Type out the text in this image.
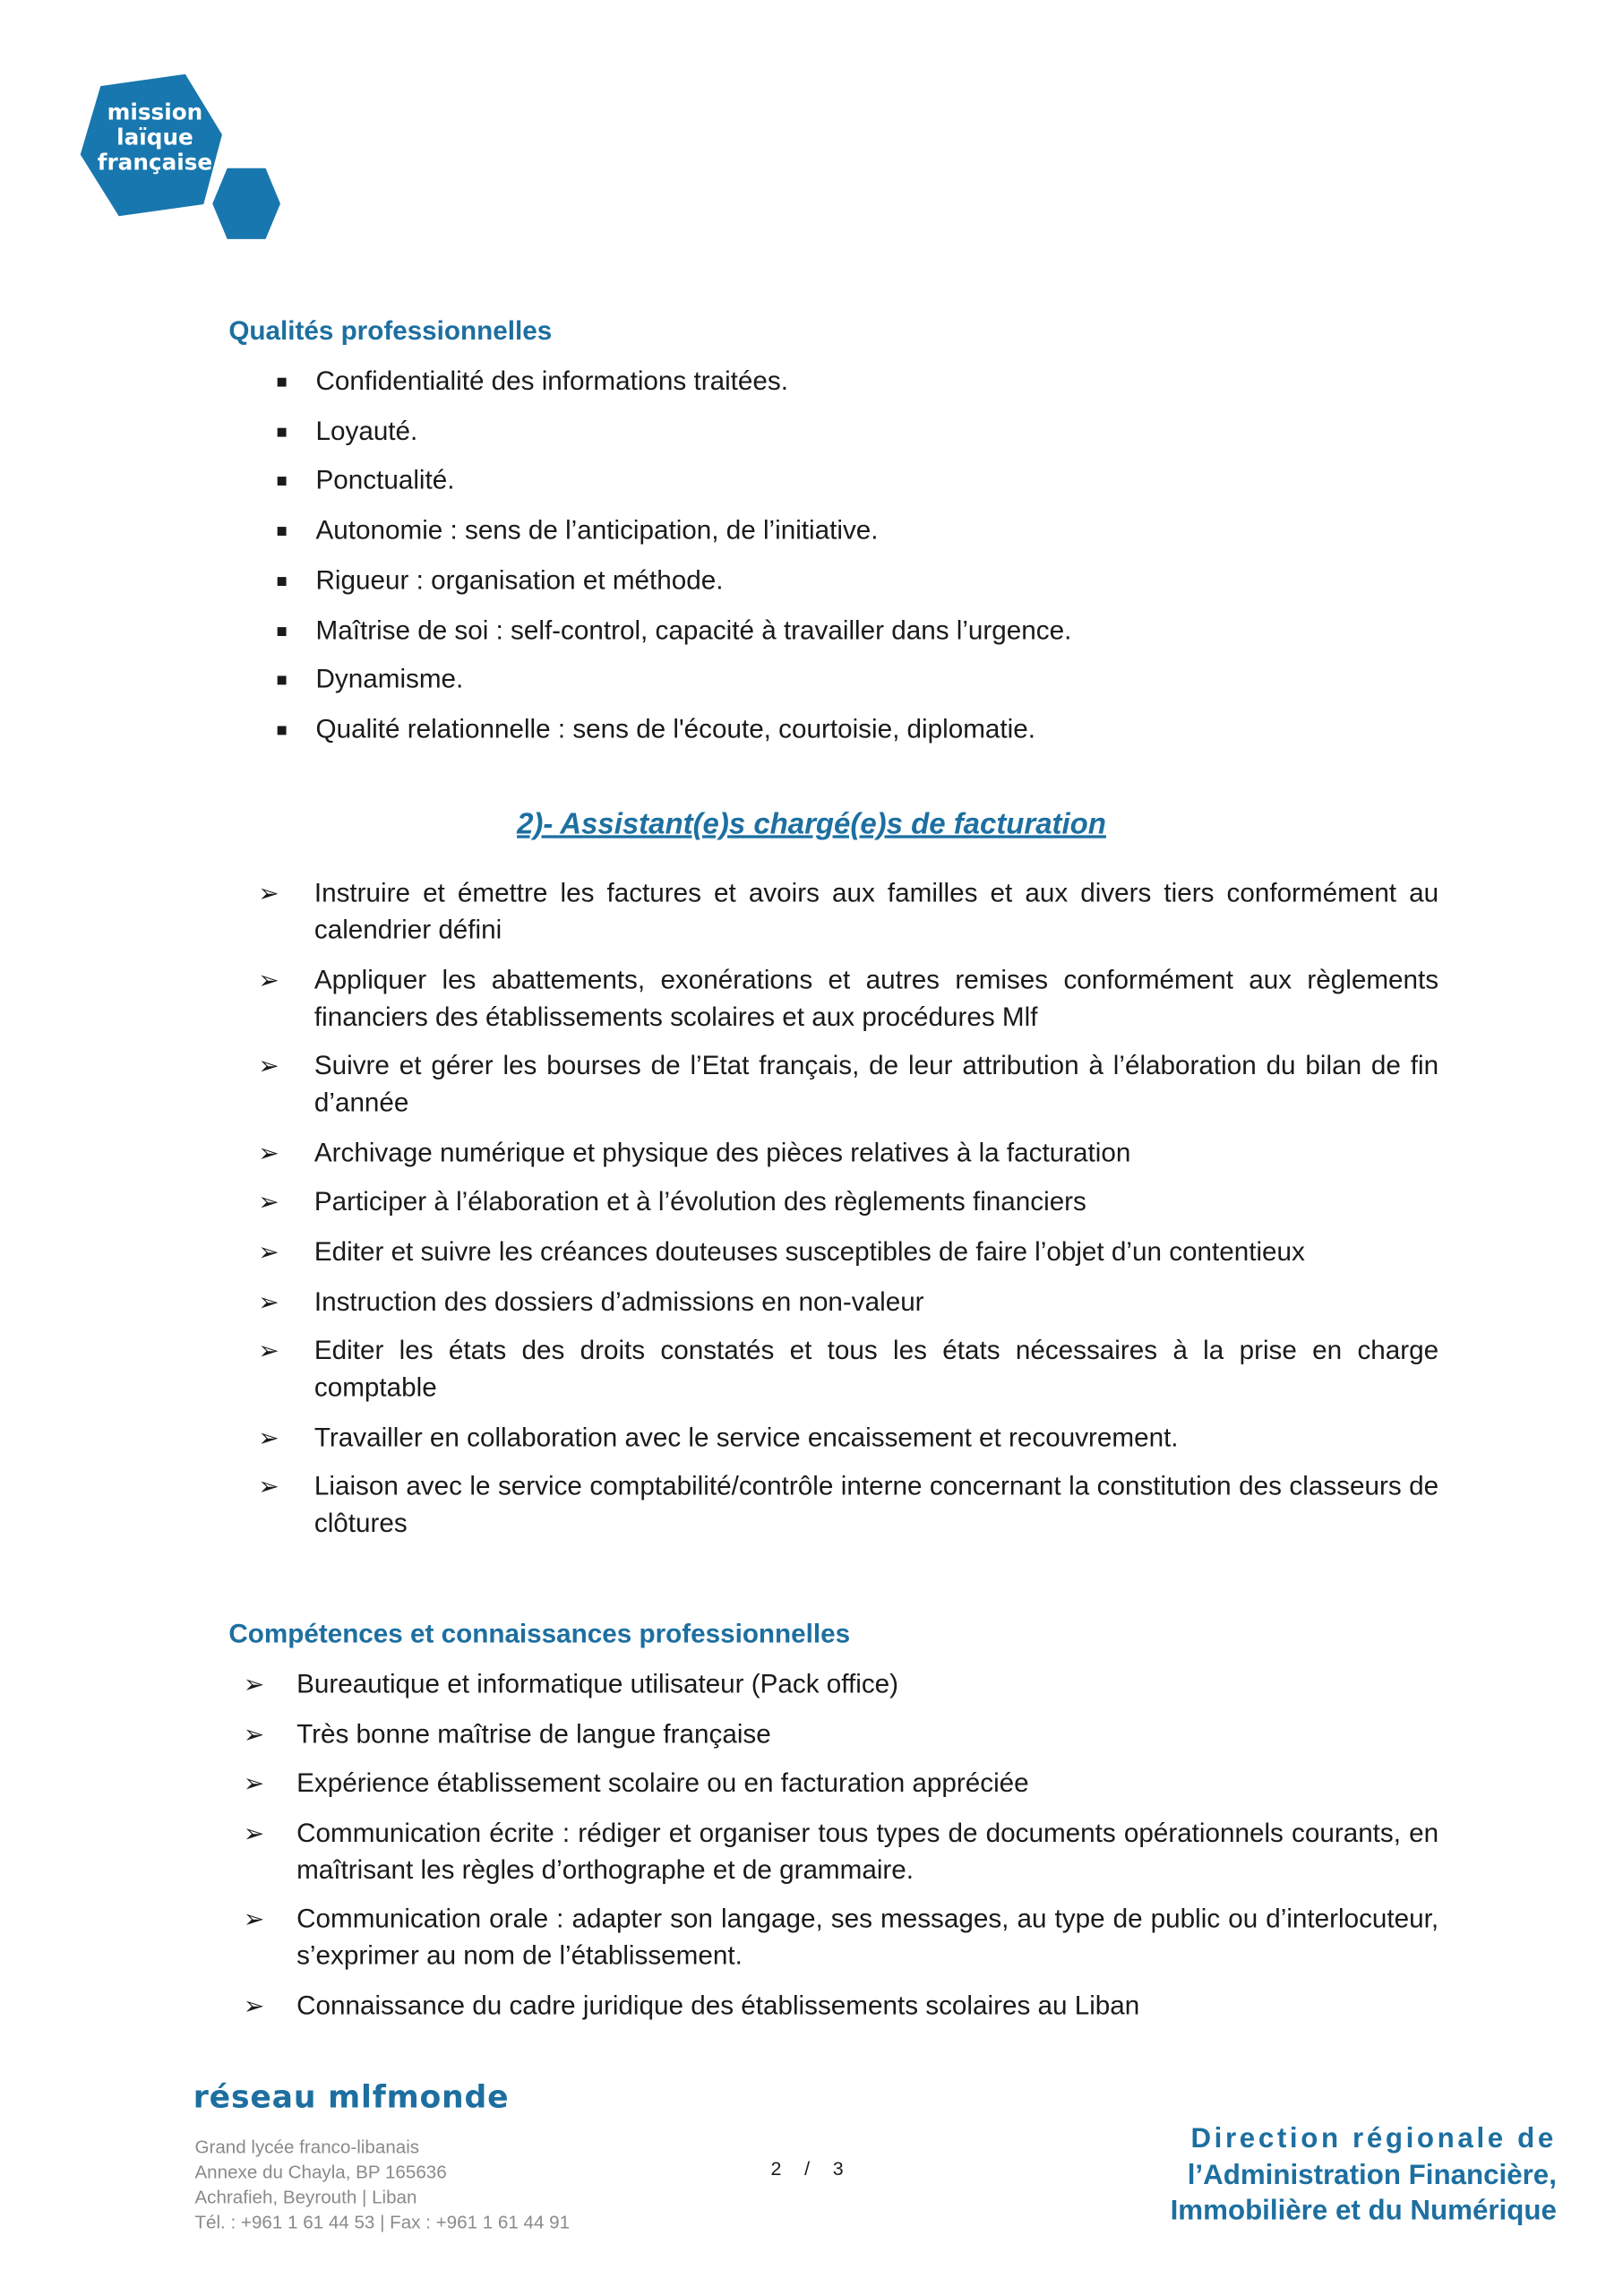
mission
laïque
française

Qualités professionnelles

Confidentialité des informations traitées.
Loyauté.
Ponctualité.
Autonomie : sens de l’anticipation, de l’initiative.
Rigueur : organisation et méthode.
Maîtrise de soi : self-control, capacité à travailler dans l’urgence.
Dynamisme.
Qualité relationnelle : sens de l'écoute, courtoisie, diplomatie.
2)- Assistant(e)s chargé(e)s de facturation
➢ Instruire et émettre les factures et avoirs aux familles et aux divers tiers conformément au calendrier défini
➢ Appliquer les abattements, exonérations et autres remises conformément aux règlements financiers des établissements scolaires et aux procédures Mlf
➢ Suivre et gérer les bourses de l’Etat français, de leur attribution à l’élaboration du bilan de fin d’année
➢ Archivage numérique et physique des pièces relatives à la facturation
➢ Participer à l’élaboration et à l’évolution des règlements financiers
➢ Editer et suivre les créances douteuses susceptibles de faire l’objet d’un contentieux
➢ Instruction des dossiers d’admissions en non-valeur
➢ Editer les états des droits constatés et tous les états nécessaires à la prise en charge comptable
➢ Travailler en collaboration avec le service encaissement et recouvrement.
➢ Liaison avec le service comptabilité/contrôle interne concernant la constitution des classeurs de clôtures

Compétences et connaissances professionnelles

➢ Bureautique et informatique utilisateur (Pack office)
➢ Très bonne maîtrise de langue française
➢ Expérience établissement scolaire ou en facturation appréciée
➢ Communication écrite : rédiger et organiser tous types de documents opérationnels courants, en maîtrisant les règles d’orthographe et de grammaire.
➢ Communication orale : adapter son langage, ses messages, au type de public ou d’interlocuteur, s’exprimer au nom de l’établissement.
➢ Connaissance du cadre juridique des établissements scolaires au Liban
réseau mlfmonde
Grand lycée franco-libanais
Annexe du Chayla, BP 165636
Achrafieh, Beyrouth | Liban
Tél. : +961 1 61 44 53 | Fax : +961 1 61 44 91
2 / 3
Direction régionale de
l’Administration Financière,
Immobilière et du Numérique
